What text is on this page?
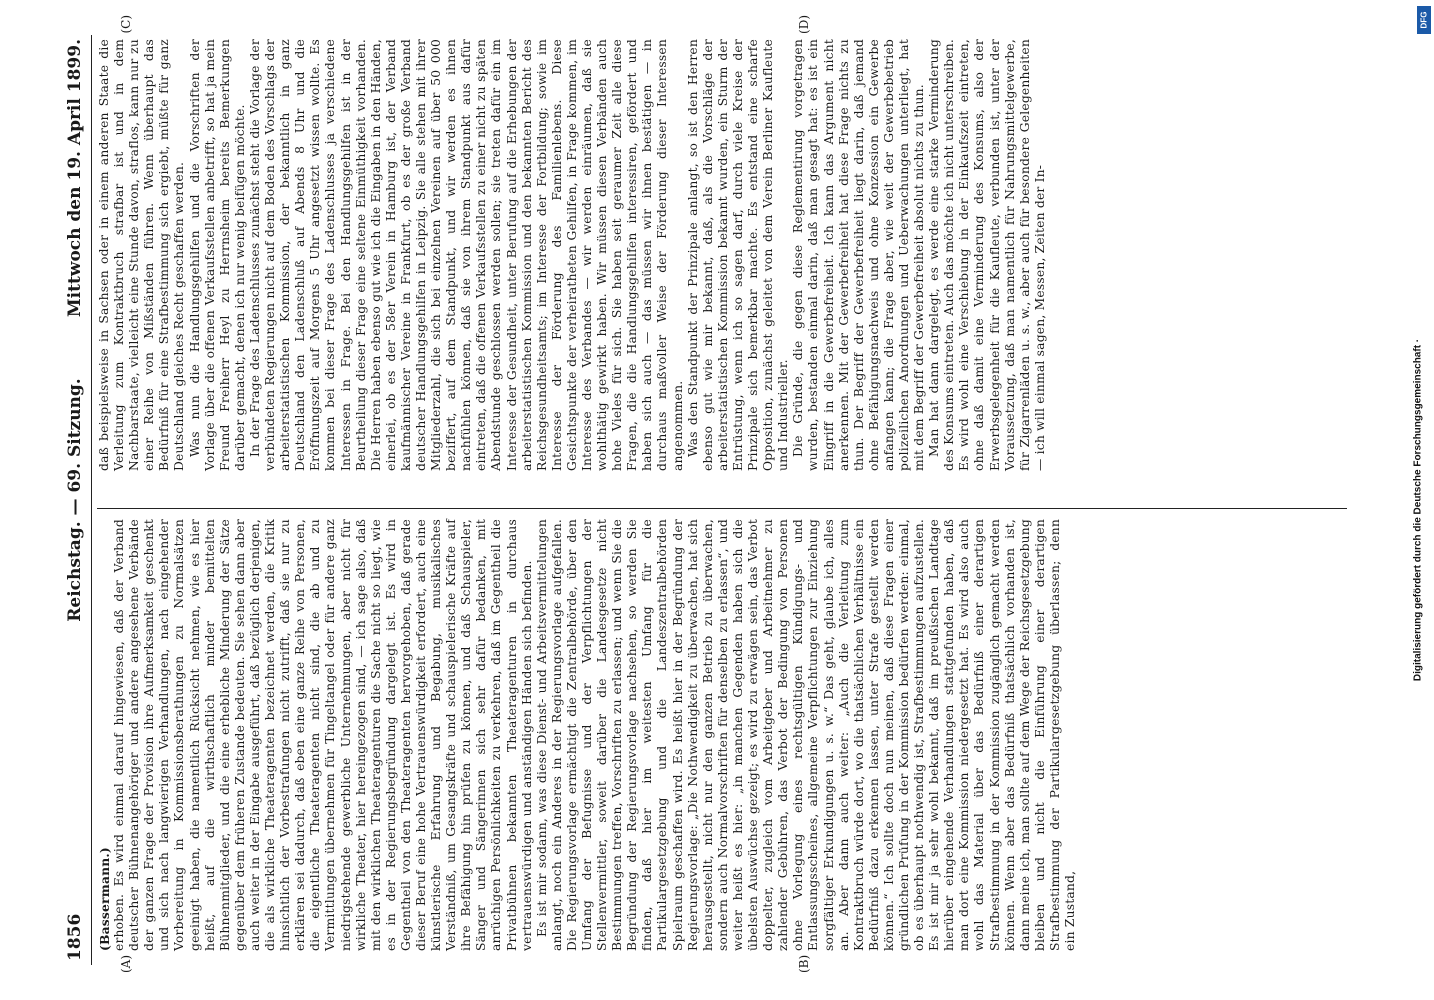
1856
Reichstag. — 69. Sitzung.
Mittwoch den 19. April 1899.
(A)	(B)
(C)	(D)

(Bassermann.) erhoben. Es wird einmal darauf hingewiesen, daß der Verband deutscher Bühnenangehöriger und andere angesehene Verbände der ganzen Frage der Provision ihre Aufmerksamkeit geschenkt und sich nach langwierigen Verhandlungen, nach eingehender Vorbereitung in Kommissionsberathungen zu Normalsätzen geeinigt haben, die namentlich Rücksicht nehmen, wie es hier heißt, auf die wirthschaftlich minder bemittelten Bühnenmitglieder, und die eine erhebliche Minderung der Sätze gegenüber dem früheren Zustande bedeuten. Sie sehen dann aber auch weiter in der Eingabe ausgeführt, daß bezüglich derjenigen, die als wirkliche Theateragenten bezeichnet werden, die Kritik hinsichtlich der Vorbestrafungen nicht zutrifft, daß sie nur zu erklären sei dadurch, daß eben eine ganze Reihe von Personen, die eigentliche Theateragenten nicht sind, die ab und zu Vermittlungen übernehmen für Tingeltangel oder für andere ganz niedrigstehende gewerbliche Unternehmungen, aber nicht für wirkliche Theater, hier hereingezogen sind, — ich sage also, daß mit den wirklichen Theateragenturen die Sache nicht so liegt, wie es in der Regierungsbegründung dargelegt ist. Es wird in Gegentheil von den Theateragenten hervorgehoben, daß gerade dieser Beruf eine hohe Vertrauenswürdigkeit erfordert, auch eine künstlerische Erfahrung und Begabung, musikalisches Verständniß, um Gesangskräfte und schauspielerische Kräfte auf ihre Befähigung hin prüfen zu können, und daß Schauspieler, Sänger und Sängerinnen sich sehr dafür bedanken, mit anrüchigen Persönlichkeiten zu verkehren, daß im Gegentheil die Privatbühnen bekannten Theateragenturen in durchaus vertrauenswürdigen und anständigen Händen sich befinden. Es ist mir sodann, was diese Dienst- und Arbeitsvermittelungen anlangt, noch ein Anderes in der Regierungsvorlage aufgefallen. Die Regierungsvorlage ermächtigt die Zentralbehörde, über den Umfang der Befugnisse und der Verpflichtungen der Stellenvermittler, soweit darüber die Landesgesetze nicht Bestimmungen treffen, Vorschriften zu erlassen; und wenn Sie die Begründung der Regierungsvorlage nachsehen, so werden Sie finden, daß hier im weitesten Umfang für die Partikulargesetzgebung und die Landeszentralbehörden Spielraum geschaffen wird. Es heißt hier in der Begründung der Regierungsvorlage: „Die Nothwendigkeit zu überwachen, hat sich herausgestellt, nicht nur den ganzen Betrieb zu überwachen, sondern auch Normalvorschriften für denselben zu erlassen“, und weiter heißt es hier: „in manchen Gegenden haben sich die übelsten Auswüchse gezeigt; es wird zu erwägen sein, das Verbot doppelter, zugleich vom Arbeitgeber und Arbeitnehmer zu zahlender Gebühren, das Verbot der Bedingung von Personen ohne Vorlegung eines rechtsgültigen Kündigungs- und Entlassungsscheines, allgemeine Verpflichtungen zur Einziehung sorgfältiger Erkundigungen u. s. w.“ Das geht, glaube ich, alles an. Aber dann auch weiter: „Auch die Verleitung zum Kontraktbruch würde dort, wo die thatsächlichen Verhältnisse ein Bedürfniß dazu erkennen lassen, unter Strafe gestellt werden können.“ Ich sollte doch nun meinen, daß diese Fragen einer gründlichen Prüfung in der Kommission bedürfen werden: einmal, ob es überhaupt nothwendig ist, Strafbestimmungen aufzustellen. Es ist mir ja sehr wohl bekannt, daß im preußischen Landtage hierüber eingehende Verhandlungen stattgefunden haben, daß man dort eine Kommission niedergesetzt hat. Es wird also auch wohl das Material über das Bedürfniß einer derartigen Strafbestimmung in der Kommission zugänglich gemacht werden können. Wenn aber das Bedürfniß thatsächlich vorhanden ist, dann meine ich, man sollte auf dem Wege der Reichsgesetzgebung bleiben und nicht die Einführung einer derartigen Strafbestimmung der Partikulargesetzgebung überlassen; denn ein Zustand,

daß beispielsweise in Sachsen oder in einem anderen Staate die Verleitung zum Kontraktbruch strafbar ist und in dem Nachbarstaate, vielleicht eine Stunde davon, straflos, kann nur zu einer Reihe von Mißständen führen. Wenn überhaupt das Bedürfniß für eine Strafbestimmung sich ergiebt, müßte für ganz Deutschland gleiches Recht geschaffen werden. Was nun die Handlungsgehilfen und die Vorschriften der Vorlage über die offenen Verkaufsstellen anbetrifft, so hat ja mein Freund Freiherr Heyl zu Herrnsheim bereits Bemerkungen darüber gemacht, denen ich nur wenig beifügen möchte. In der Frage des Ladenschlusses zunächst steht die Vorlage der verbündeten Regierungen nicht auf dem Boden des Vorschlags der arbeiterstatistischen Kommission, der bekanntlich in ganz Deutschland den Ladenschluß auf Abends 8 Uhr und die Eröffnungszeit auf Morgens 5 Uhr angesetzt wissen wollte. Es kommen bei dieser Frage des Ladenschlusses ja verschiedene Interessen in Frage. Bei den Handlungsgehilfen ist in der Beurtheilung dieser Frage eine seltene Einmüthigkeit vorhanden. Die Herren haben ebenso gut wie ich die Eingaben in den Händen, einerlei, ob es der 58er Verein in Hamburg ist, der Verband kaufmännischer Vereine in Frankfurt, ob es der große Verband deutscher Handlungsgehilfen in Leipzig. Sie alle stehen mit ihrer Mitgliederzahl, die sich bei einzelnen Vereinen auf über 50 000 beziffert, auf dem Standpunkt, und wir werden es ihnen nachfühlen können, daß sie von ihrem Standpunkt aus dafür eintreten, daß die offenen Verkaufsstellen zu einer nicht zu späten Abendstunde geschlossen werden sollen; sie treten dafür ein im Interesse der Gesundheit, unter Berufung auf die Erhebungen der arbeiterstatistischen Kommission und den bekannten Bericht des Reichsgesundheitsamts; im Interesse der Fortbildung; sowie im Interesse der Förderung des Familienlebens. Diese Gesichtspunkte der verheiratheten Gehilfen, in Frage kommen, im Interesse des Verbandes — wir werden einräumen, daß sie wohlthätig gewirkt haben. Wir müssen diesen Verbänden auch hohe Vieles für sich. Sie haben seit geraumer Zeit alle diese Fragen, die die Handlungsgehilfen interessiren, gefördert und haben sich auch — das müssen wir ihnen bestätigen — in durchaus maßvoller Weise der Förderung dieser Interessen angenommen. Was den Standpunkt der Prinzipale anlangt, so ist den Herren ebenso gut wie mir bekannt, daß, als die Vorschläge der arbeiterstatistischen Kommission bekannt wurden, ein Sturm der Entrüstung, wenn ich so sagen darf, durch viele Kreise der Prinzipale sich bemerkbar machte. Es entstand eine scharfe Opposition, zunächst geleitet von dem Verein Berliner Kaufleute und Industrieller. Die Gründe, die gegen diese Reglementirung vorgetragen wurden, bestanden einmal darin, daß man gesagt hat: es ist ein Eingriff in die Gewerbefreiheit. Ich kann das Argument nicht anerkennen. Mit der Gewerbefreiheit hat diese Frage nichts zu thun. Der Begriff der Gewerbefreiheit liegt darin, daß jemand ohne Befähigungsnachweis und ohne Konzession ein Gewerbe anfangen kann; die Frage aber, wie weit der Gewerbebetrieb polizeilichen Anordnungen und Ueberwachungen unterliegt, hat mit dem Begriff der Gewerbefreiheit absolut nichts zu thun. Man hat dann dargelegt, es werde eine starke Verminderung des Konsums eintreten. Auch das möchte ich nicht unterschreiben. Es wird wohl eine Verschiebung in der Einkaufszeit eintreten, ohne daß damit eine Verminderung des Konsums, also der Erwerbsgelegenheit für die Kaufleute, verbunden ist, unter der Voraussetzung, daß man namentlich für Nahrungsmittelgewerbe, für Zigarrenläden u. s. w., aber auch für besondere Gelegenheiten — ich will einmal sagen, Messen, Zeiten der In-

Digitalisierung gefördert durch die Deutsche Forschungsgemeinschaft ·
DFG
